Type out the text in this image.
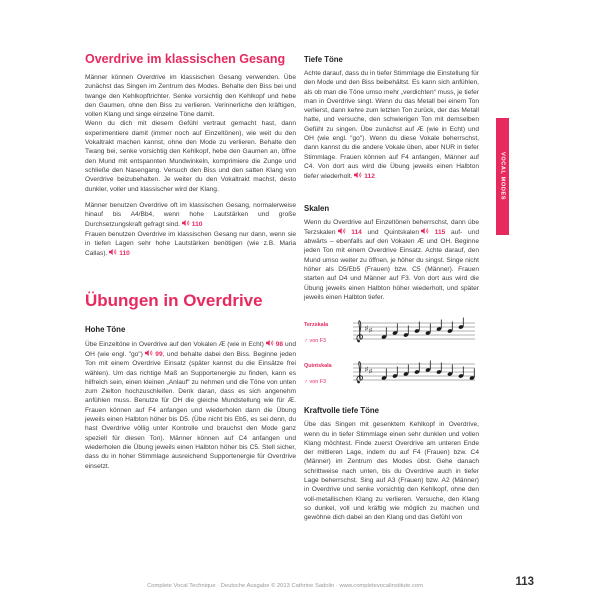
Overdrive im klassischen Gesang

Männer können Overdrive im klassischen Gesang verwenden. Übe zunächst das Singen im Zentrum des Modes. Behalte den Biss bei und twange den Kehlkopftrichter. Senke vorsichtig den Kehlkopf und hebe den Gaumen, ohne den Biss zu verlieren. Verinnerliche den kräftigen, vollen Klang und singe einzelne Töne damit.

Wenn du dich mit diesem Gefühl vertraut gemacht hast, dann experimentiere damit (immer noch auf Einzeltönen), wie weit du den Vokaltrakt machen kannst, ohne den Mode zu verlieren. Behalte den Twang bei, senke vorsichtig den Kehlkopf, hebe den Gaumen an, öffne den Mund mit entspannten Mundwinkeln, komprimiere die Zunge und schließe den Nasengang. Versuch den Biss und den satten Klang von Overdrive beizubehalten. Je weiter du den Vokaltrakt machst, desto dunkler, voller und klassischer wird der Klang.

Männer benutzen Overdrive oft im klassischen Gesang, normalerweise hinauf bis A4/Bb4, wenn hohe Lautstärken und große Durchsetzungskraft gefragt sind. 110

Frauen benutzen Overdrive im klassischen Gesang nur dann, wenn sie in tiefen Lagen sehr hohe Lautstärken benötigen (wie z.B. Maria Callas). 110

Übungen in Overdrive
Hohe Töne

Übe Einzeltöne in Overdrive auf den Vokalen Æ (wie in Echt) 98 und OH (wie engl. "go") 99, und behalte dabei den Biss. Beginne jeden Ton mit einem Overdrive Einsatz (später kannst du die Einsätze frei wählen). Um das richtige Maß an Supportenergie zu finden, kann es hilfreich sein, einen kleinen „Anlauf“ zu nehmen und die Töne von unten zum Zielton hochzuschleifen. Denk daran, dass es sich angenehm anfühlen muss. Benutze für OH die gleiche Mundstellung wie für Æ. Frauen können auf F4 anfangen und wiederholen dann die Übung jeweils einen Halbton höher bis D5. (Übe nicht bis Eb5, es sei denn, du hast Overdrive völlig unter Kontrolle und brauchst den Mode ganz speziell für diesen Ton). Männer können auf C4 anfangen und wiederholen die Übung jeweils einen Halbton höher bis C5. Stell sicher, dass du in hoher Stimmlage ausreichend Supportenergie für Overdrive einsetzt.

Tiefe Töne

Achte darauf, dass du in tiefer Stimmlage die Einstellung für den Mode und den Biss beibehältst. Es kann sich anfühlen, als ob man die Töne umso mehr „verdichten“ muss, je tiefer man in Overdrive singt. Wenn du das Metall bei einem Ton verlierst, dann kehre zum letzten Ton zurück, der das Metall hatte, und versuche, den schwierigen Ton mit demselben Gefühl zu singen. Übe zunächst auf Æ (wie in Echt) und OH (wie engl. "go"). Wenn du diese Vokale beherrschst, dann kannst du die andere Vokale üben, aber NUR in tiefer Stimmlage. Frauen können auf F4 anfangen, Männer auf C4. Von dort aus wird die Übung jeweils einen Halbton tiefer wiederholt. 112

Skalen

Wenn du Overdrive auf Einzeltönen beherrschst, dann übe Terzskalen 114 und Quintskalen 115 auf- und abwärts – ebenfalls auf den Vokalen Æ und OH. Beginne jeden Ton mit einem Overdrive Einsatz. Achte darauf, den Mund umso weiter zu öffnen, je höher du singst. Singe nicht höher als D5/Eb5 (Frauen) bzw. C5 (Männer). Frauen starten auf D4 und Männer auf F3. Von dort aus wird die Übung jeweils einen Halbton höher wiederholt, und später jeweils einen Halbton tiefer.

Terzskala
♂ von F3
♯ ♯
Quintskala
♂ von F3
♯ ♯
Kraftvolle tiefe Töne

Übe das Singen mit gesenktem Kehlkopf in Overdrive, wenn du in tiefer Stimmlage einen sehr dunklen und vollen Klang möchtest. Finde zuerst Overdrive am unteren Ende der mittleren Lage, indem du auf F4 (Frauen) bzw. C4 (Männer) im Zentrum des Modes übst. Gehe danach schrittweise nach unten, bis du Overdrive auch in tiefer Lage beherrschst. Sing auf A3 (Frauen) bzw. A2 (Männer) in Overdrive und senke vorsichtig den Kehlkopf, ohne den voll-metallischen Klang zu verlieren. Versuche, den Klang so dunkel, voll und kräftig wie möglich zu machen und gewöhne dich dabei an den Klang und das Gefühl von

VOCAL MODES
Complete Vocal Technique · Deutsche Ausgabe © 2013 Cathrine Sadolin · www.completevocalinstitute.com	113
